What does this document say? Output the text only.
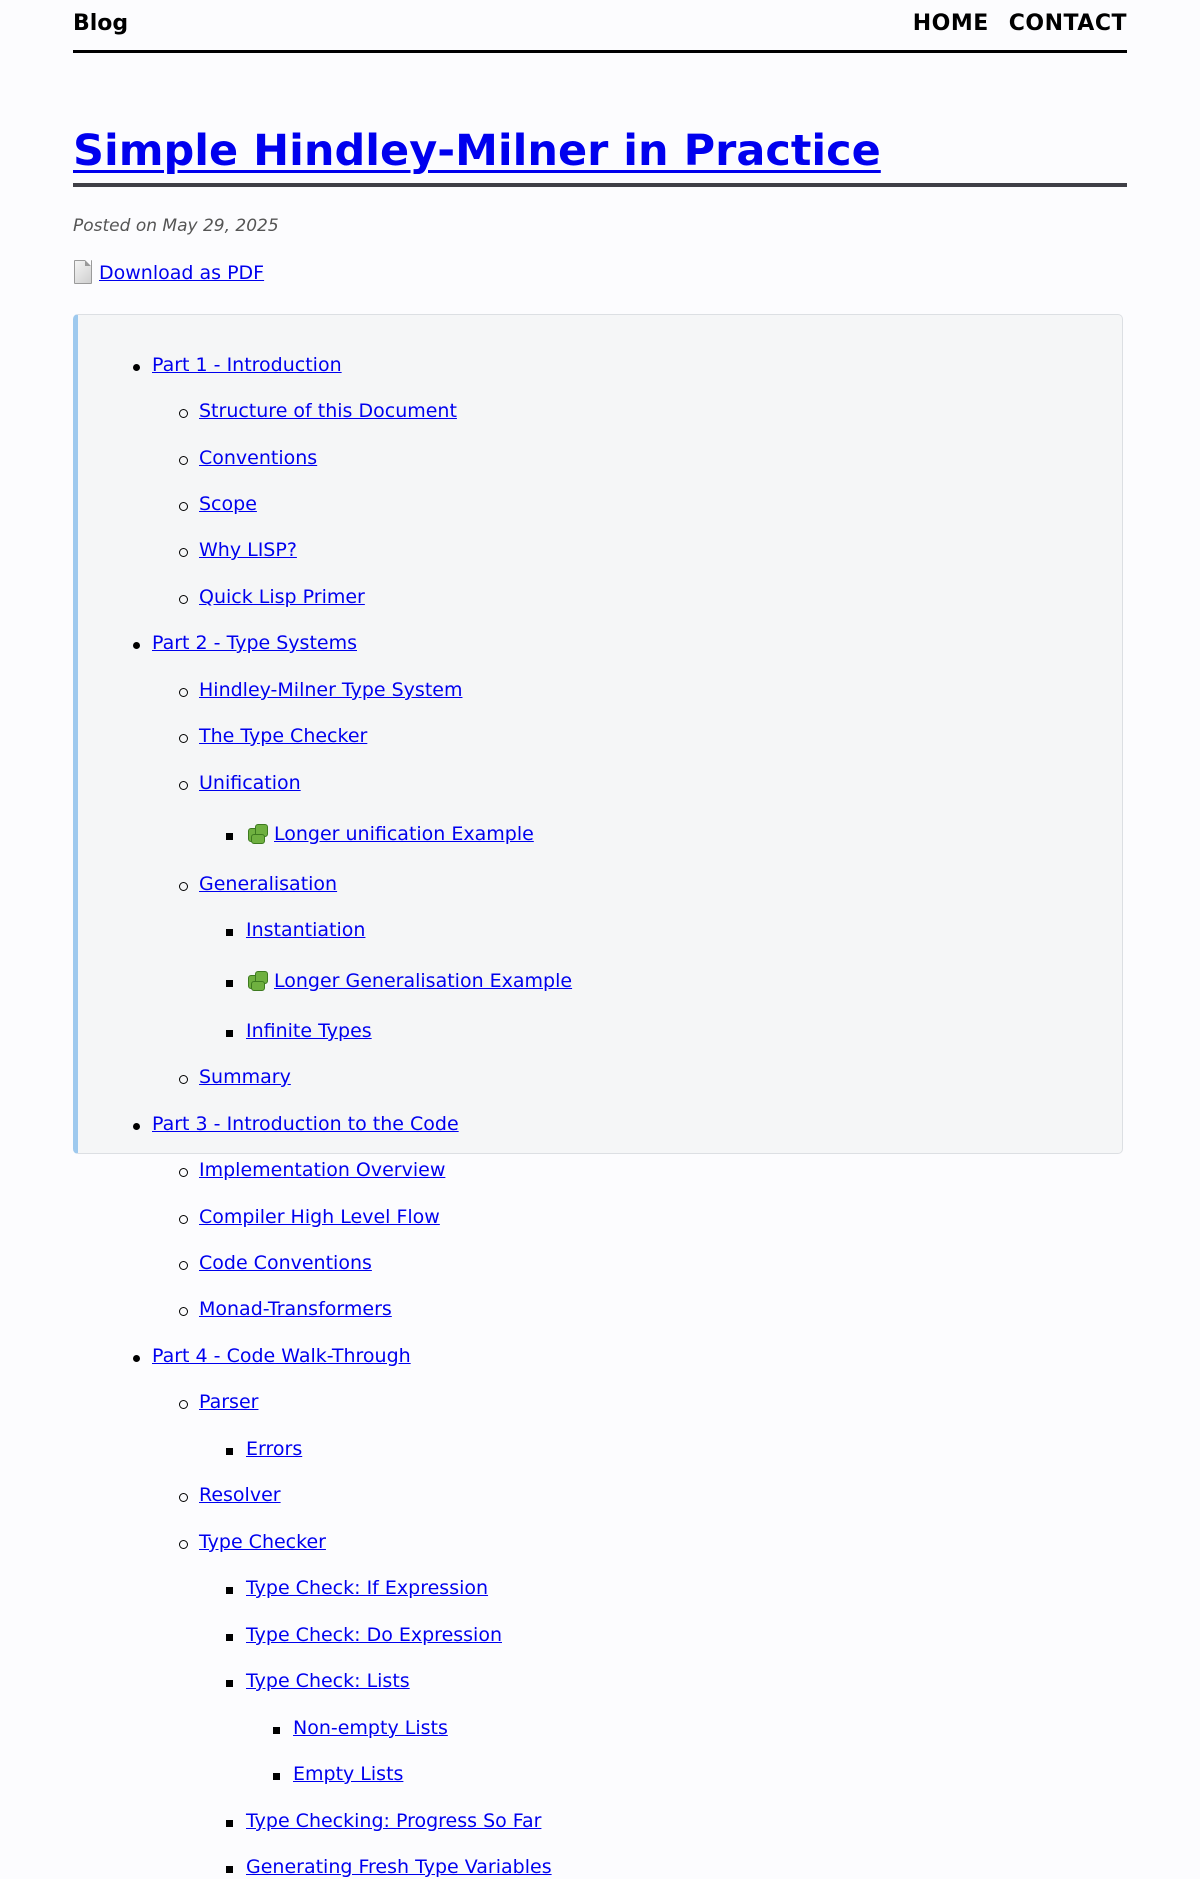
Blog	HOME CONTACT
Simple Hindley-Milner in Practice
Posted on May 29, 2025
Download as PDF
Part 1 - Introduction
Structure of this Document
Conventions
Scope
Why LISP?
Quick Lisp Primer
Part 2 - Type Systems
Hindley-Milner Type System
The Type Checker
Unification
Longer unification Example
Generalisation
Instantiation
Longer Generalisation Example
Infinite Types
Summary
Part 3 - Introduction to the Code
Implementation Overview
Compiler High Level Flow
Code Conventions
Monad-Transformers
Part 4 - Code Walk-Through
Parser
Errors
Resolver
Type Checker
Type Check: If Expression
Type Check: Do Expression
Type Check: Lists
Non-empty Lists
Empty Lists
Type Checking: Progress So Far
Generating Fresh Type Variables
